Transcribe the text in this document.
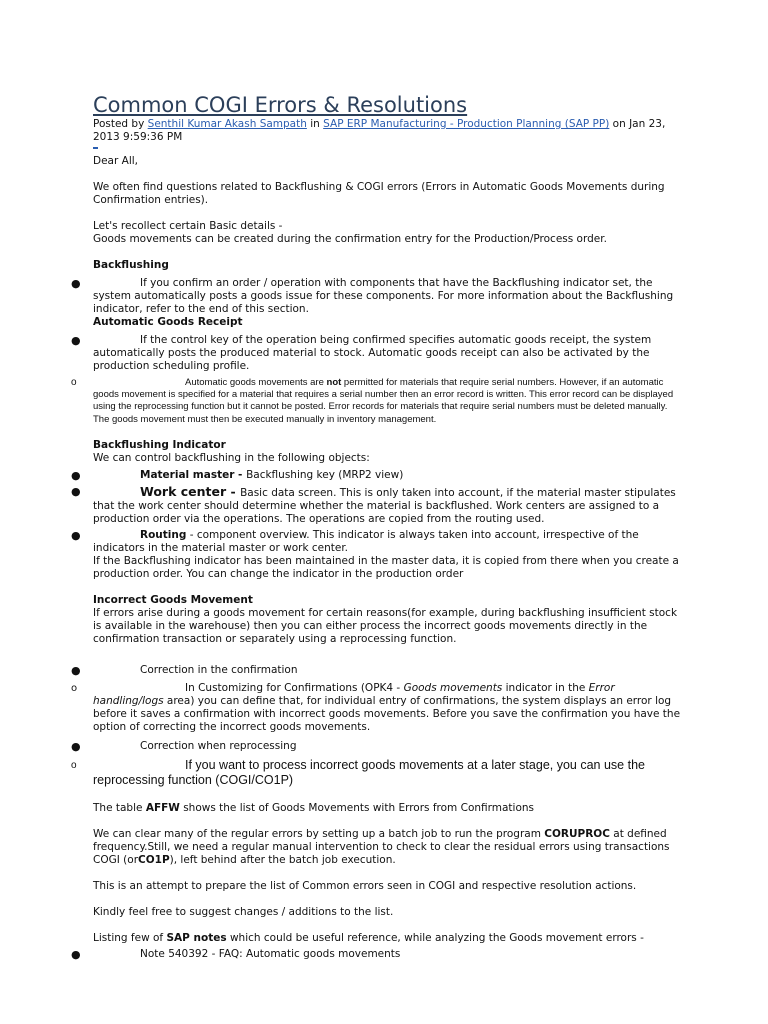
Common COGI Errors & Resolutions

Posted by Senthil Kumar Akash Sampath in SAP ERP Manufacturing - Production Planning (SAP PP) on Jan 23, 2013 9:59:36 PM

Dear All,

We often find questions related to Backflushing & COGI errors (Errors in Automatic Goods Movements during Confirmation entries).

Let's recollect certain Basic details -

Goods movements can be created during the confirmation entry for the Production/Process order.

Backflushing

●	If you confirm an order / operation with components that have the Backflushing indicator set, the system automatically posts a goods issue for these components. For more information about the Backflushing indicator, refer to the end of this section.

Automatic Goods Receipt

●	If the control key of the operation being confirmed specifies automatic goods receipt, the system automatically posts the produced material to stock. Automatic goods receipt can also be activated by the production scheduling profile.
o	Automatic goods movements are not permitted for materials that require serial numbers. However, if an automatic goods movement is specified for a material that requires a serial number then an error record is written. This error record can be displayed using the reprocessing function but it cannot be posted. Error records for materials that require serial numbers must be deleted manually. The goods movement must then be executed manually in inventory management.

Backflushing Indicator

We can control backflushing in the following objects:

●	Material master - Backflushing key (MRP2 view)
●	Work center - Basic data screen. This is only taken into account, if the material master stipulates that the work center should determine whether the material is backflushed. Work centers are assigned to a production order via the operations. The operations are copied from the routing used.
●	Routing - component overview. This indicator is always taken into account, irrespective of the indicators in the material master or work center.

If the Backflushing indicator has been maintained in the master data, it is copied from there when you create a production order. You can change the indicator in the production order

Incorrect Goods Movement

If errors arise during a goods movement for certain reasons(for example, during backflushing insufficient stock is available in the warehouse) then you can either process the incorrect goods movements directly in the confirmation transaction or separately using a reprocessing function.

●	Correction in the confirmation
o	In Customizing for Confirmations (OPK4 - Goods movements indicator in the Error handling/logs area) you can define that, for individual entry of confirmations, the system displays an error log before it saves a confirmation with incorrect goods movements. Before you save the confirmation you have the option of correcting the incorrect goods movements.
●	Correction when reprocessing
o	If you want to process incorrect goods movements at a later stage, you can use the reprocessing function (COGI/CO1P)

The table AFFW shows the list of Goods Movements with Errors from Confirmations

We can clear many of the regular errors by setting up a batch job to run the program CORUPROC at defined frequency.Still, we need a regular manual intervention to check to clear the residual errors using transactions COGI (orCO1P), left behind after the batch job execution.

This is an attempt to prepare the list of Common errors seen in COGI and respective resolution actions.

Kindly feel free to suggest changes / additions to the list.

Listing few of SAP notes which could be useful reference, while analyzing the Goods movement errors -

●	Note 540392 - FAQ: Automatic goods movements
